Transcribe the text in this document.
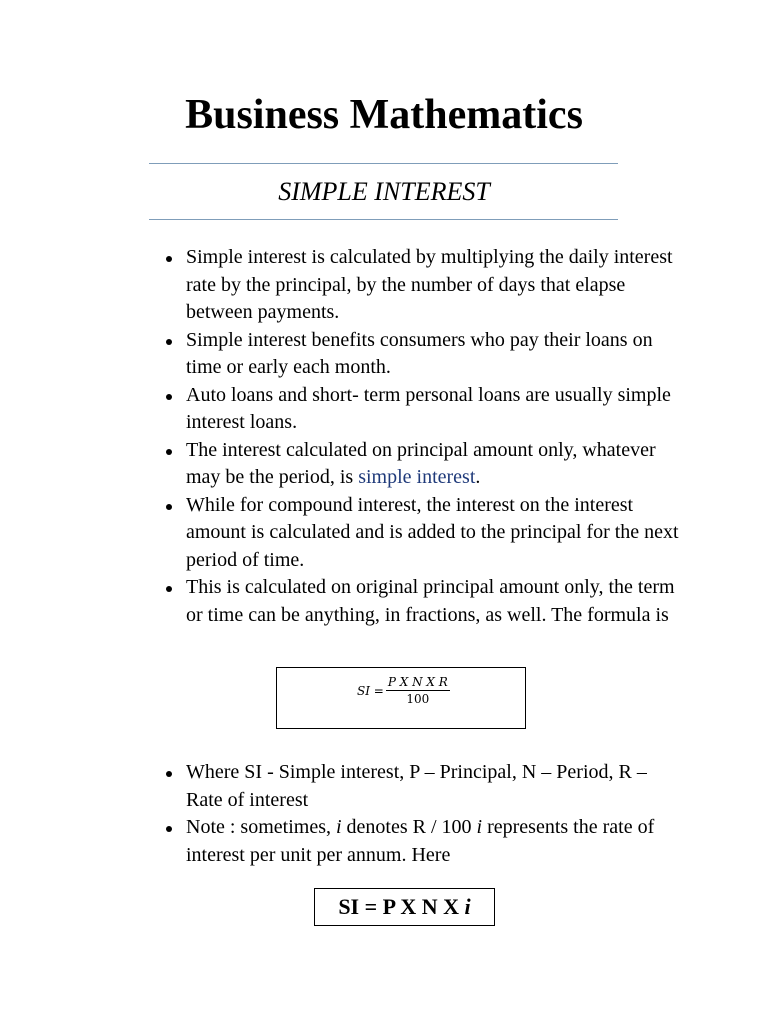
Business Mathematics
SIMPLE INTEREST
Simple interest is calculated by multiplying the daily interest rate by the principal, by the number of days that elapse between payments.
Simple interest benefits consumers who pay their loans on time or early each month.
Auto loans and short- term personal loans are usually simple interest loans.
The interest calculated on principal amount only, whatever may be the period, is simple interest.
While for compound interest, the interest on the interest amount is calculated and is added to the principal for the next period of time.
This is calculated on original principal amount only, the term or time can be anything, in fractions, as well. The formula is
SI = $\frac{\text{P X N X R}}{100}$
Where SI - Simple interest, P – Principal, N – Period, R – Rate of interest
Note : sometimes, i denotes R / 100 i represents the rate of interest per unit per annum. Here
SI = P X N X i
